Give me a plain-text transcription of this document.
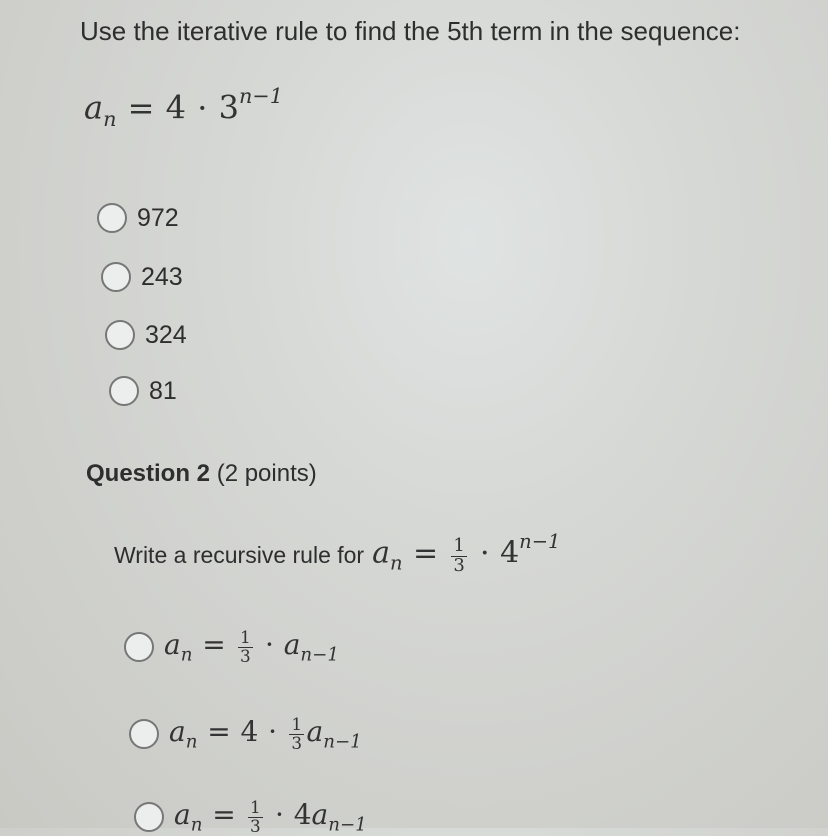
Use the iterative rule to find the 5th term in the sequence:
$a_n = 4 \cdot 3^{n-1}$
972
243
324
81
Question 2 (2 points)
Write a recursive rule for $a_n = \frac{1}{3} \cdot 4^{n-1}$
$a_n = \frac{1}{3} \cdot a_{n-1}$
$a_n = 4 \cdot \frac{1}{3} a_{n-1}$
$a_n = \frac{1}{3} \cdot 4a_{n-1}$
